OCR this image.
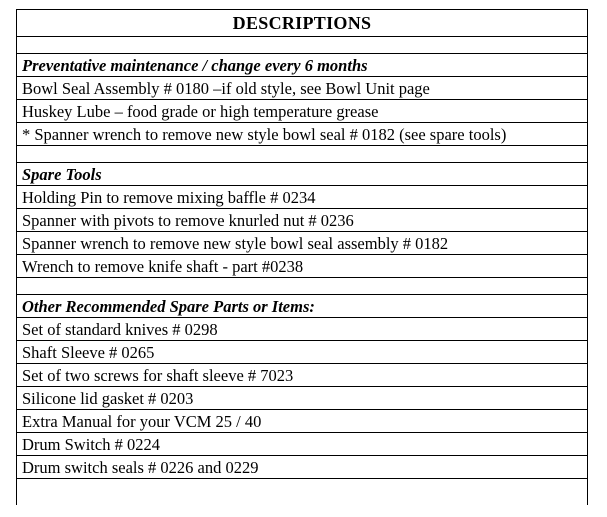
DESCRIPTIONS

Preventative maintenance / change every 6 months
Bowl Seal Assembly # 0180 –if old style, see Bowl Unit page
Huskey Lube – food grade or high temperature grease
* Spanner wrench to remove new style bowl seal # 0182 (see spare tools)

Spare Tools
Holding Pin to remove mixing baffle # 0234
Spanner with pivots to remove knurled nut # 0236
Spanner wrench to remove new style bowl seal assembly # 0182
Wrench to remove knife shaft - part #0238

Other Recommended Spare Parts or Items:
Set of standard knives # 0298
Shaft Sleeve # 0265
Set of two screws for shaft sleeve # 7023
Silicone lid gasket # 0203
Extra Manual for your VCM 25 / 40
Drum Switch # 0224
Drum switch seals # 0226 and 0229
